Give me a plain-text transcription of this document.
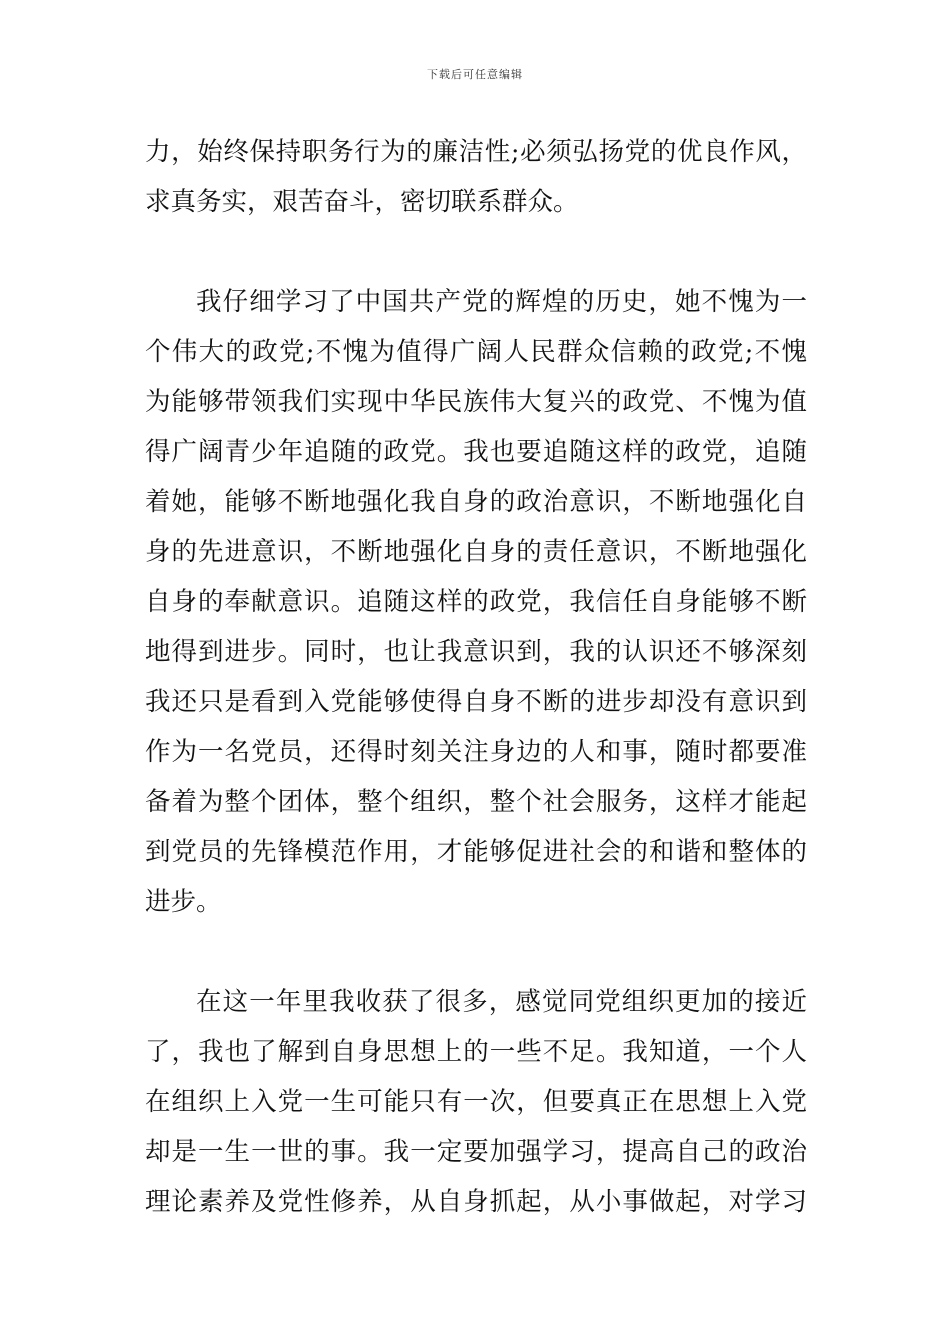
下载后可任意编辑
力，始终保持职务行为的廉洁性;必须弘扬党的优良作风，
求真务实，艰苦奋斗，密切联系群众。
我仔细学习了中国共产党的辉煌的历史，她不愧为一
个伟大的政党;不愧为值得广阔人民群众信赖的政党;不愧
为能够带领我们实现中华民族伟大复兴的政党、不愧为值
得广阔青少年追随的政党。我也要追随这样的政党，追随
着她，能够不断地强化我自身的政治意识，不断地强化自
身的先进意识，不断地强化自身的责任意识，不断地强化
自身的奉献意识。追随这样的政党，我信任自身能够不断
地得到进步。同时，也让我意识到，我的认识还不够深刻
我还只是看到入党能够使得自身不断的进步却没有意识到
作为一名党员，还得时刻关注身边的人和事，随时都要准
备着为整个团体，整个组织，整个社会服务，这样才能起
到党员的先锋模范作用，才能够促进社会的和谐和整体的
进步。
在这一年里我收获了很多，感觉同党组织更加的接近
了，我也了解到自身思想上的一些不足。我知道，一个人
在组织上入党一生可能只有一次，但要真正在思想上入党
却是一生一世的事。我一定要加强学习，提高自己的政治
理论素养及党性修养，从自身抓起，从小事做起，对学习
